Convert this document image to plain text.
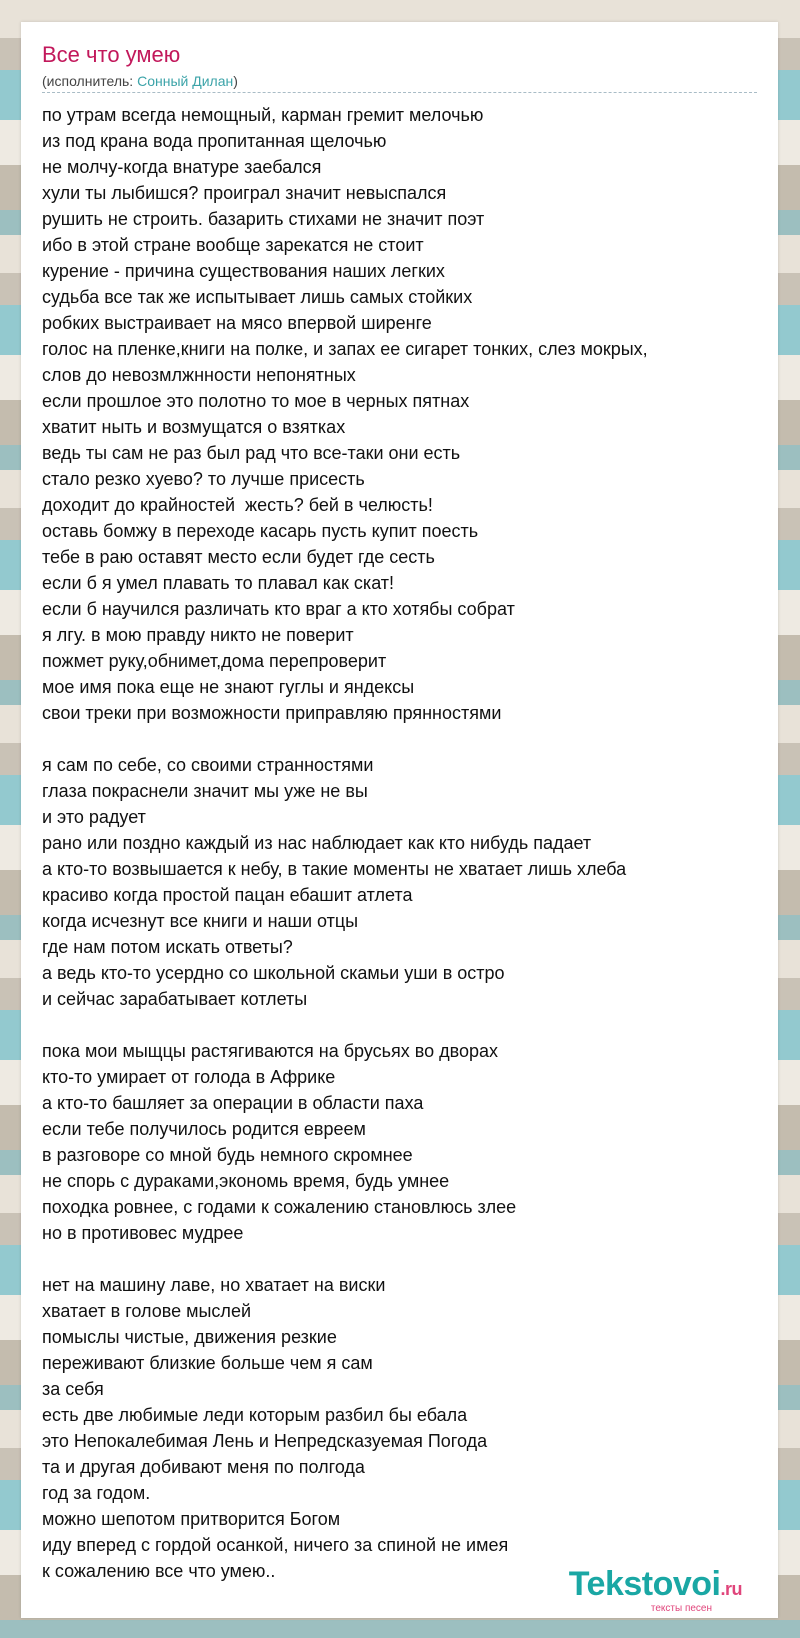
Все что умею
(исполнитель: Сонный Дилан)
по утрам всегда немощный, карман гремит мелочью
из под крана вода пропитанная щелочью
не молчу-когда внатуре заебался
хули ты лыбишся? проиграл значит невыспался
рушить не строить. базарить стихами не значит поэт
ибо в этой стране вообще зарекатся не стоит
курение - причина существования наших легких
судьба все так же испытывает лишь самых стойких
робких выстраивает на мясо впервой ширенге
голос на пленке,книги на полке, и запах ее сигарет тонких, слез мокрых,
слов до невозмлжнности непонятных
если прошлое это полотно то мое в черных пятнах
хватит ныть и возмущатся о взятках
ведь ты сам не раз был рад что все-таки они есть
стало резко хуево? то лучше присесть
доходит до крайностей  жесть? бей в челюсть!
оставь бомжу в переходе касарь пусть купит поесть
тебе в раю оставят место если будет где сесть
если б я умел плавать то плавал как скат!
если б научился различать кто враг а кто хотябы собрат
я лгу. в мою правду никто не поверит
пожмет руку,обнимет,дома перепроверит
мое имя пока еще не знают гуглы и яндексы
свои треки при возможности приправляю прянностями

я сам по себе, со своими странностями
глаза покраснели значит мы уже не вы
и это радует
рано или поздно каждый из нас наблюдает как кто нибудь падает
а кто-то возвышается к небу, в такие моменты не хватает лишь хлеба
красиво когда простой пацан ебашит атлета
когда исчезнут все книги и наши отцы
где нам потом искать ответы?
а ведь кто-то усердно со школьной скамьи уши в остро
и сейчас зарабатывает котлеты

пока мои мыщцы растягиваются на брусьях во дворах
кто-то умирает от голода в Африке
а кто-то башляет за операции в области паха
если тебе получилось родится евреем
в разговоре со мной будь немного скромнее
не спорь с дураками,экономь время, будь умнее
походка ровнее, с годами к сожалению становлюсь злее
но в противовес мудрее

нет на машину лаве, но хватает на виски
хватает в голове мыслей
помыслы чистые, движения резкие
переживают близкие больше чем я сам
за себя
есть две любимые леди которым разбил бы ебала
это Непокалебимая Лень и Непредсказуемая Погода
та и другая добивают меня по полгода
год за годом.
можно шепотом притворится Богом
иду вперед с гордой осанкой, ничего за спиной не имея
к сожалению все что умею..	Tekstovoi.ru
тексты песен
